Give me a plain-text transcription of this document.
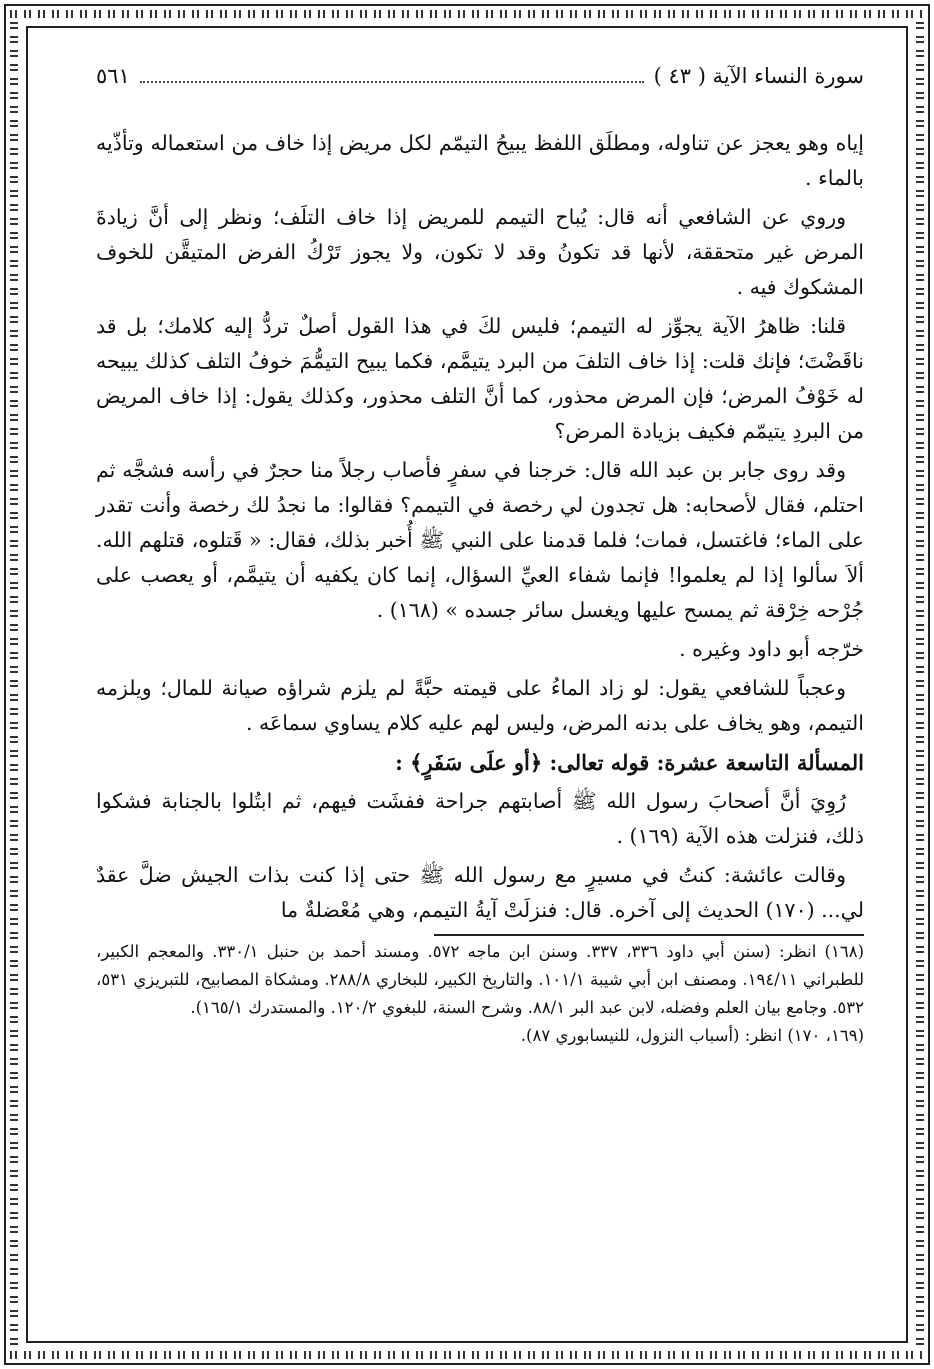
سورة النساء الآية ( ٤٣ )
٥٦١

إياه وهو يعجز عن تناوله، ومطلَق اللفظ يبيحُ التيمّم لكل مريض إذا خاف من استعماله وتأذّيه بالماء .

وروي عن الشافعي أنه قال: يُباح التيمم للمريض إذا خاف التلَف؛ ونظر إلى أنَّ زيادةَ المرض غير متحققة، لأنها قد تكونُ وقد لا تكون، ولا يجوز تَرْكُ الفرض المتيقَّن للخوف المشكوك فيه .

قلنا: ظاهرُ الآية يجوِّز له التيمم؛ فليس لكَ في هذا القول أصلٌ تردُّ إليه كلامك؛ بل قد ناقَضْتَ؛ فإنك قلت: إذا خاف التلفَ من البرد يتيمَّم، فكما يبيح التيمُّمَ خوفُ التلف كذلك يبيحه له خَوْفُ المرض؛ فإن المرض محذور، كما أنَّ التلف محذور، وكذلك يقول: إذا خاف المريض من البردِ يتيمّم فكيف بزيادة المرض؟

وقد روى جابر بن عبد الله قال: خرجنا في سفرٍ فأصاب رجلاً منا حجرٌ في رأسه فشجَّه ثم احتلم، فقال لأصحابه: هل تجدون لي رخصة في التيمم؟ فقالوا: ما نجدُ لك رخصة وأنت تقدر على الماء؛ فاغتسل، فمات؛ فلما قدمنا على النبي ﷺ أُخبر بذلك، فقال: « قَتلوه، قتلهم الله. ألاَ سألوا إذا لم يعلموا! فإنما شفاء العيِّ السؤال، إنما كان يكفيه أن يتيمَّم، أو يعصب على جُرْحه خِرْقة ثم يمسح عليها ويغسل سائر جسده » (١٦٨) .

خرّجه أبو داود وغيره .

وعجباً للشافعي يقول: لو زاد الماءُ على قيمته حبَّةً لم يلزم شراؤه صيانة للمال؛ ويلزمه التيمم، وهو يخاف على بدنه المرض، وليس لهم عليه كلام يساوي سماعَه .

المسألة التاسعة عشرة: قوله تعالى: ﴿أو علَى سَفَرٍ﴾ :

رُوِيَ أنَّ أصحابَ رسول الله ﷺ أصابتهم جراحة ففشَت فيهم، ثم ابتُلوا بالجنابة فشكوا ذلك، فنزلت هذه الآية (١٦٩) .

وقالت عائشة: كنتُ في مسيرٍ مع رسول الله ﷺ حتى إذا كنت بذات الجيش ضلَّ عقدٌ لي... (١٧٠) الحديث إلى آخره. قال: فنزلَتْ آيةُ التيمم، وهي مُعْضلةٌ ما

(١٦٨) انظر: (سنن أبي داود ٣٣٦، ٣٣٧. وسنن ابن ماجه ٥٧٢. ومسند أحمد بن حنبل ٣٣٠/١. والمعجم الكبير، للطبراني ١٩٤/١١. ومصنف ابن أبي شيبة ١٠١/١. والتاريخ الكبير، للبخاري ٢٨٨/٨. ومشكاة المصابيح، للتبريزي ٥٣١، ٥٣٢. وجامع بيان العلم وفضله، لابن عبد البر ٨٨/١. وشرح السنة، للبغوي ١٢٠/٢. والمستدرك ١٦٥/١).

(١٦٩، ١٧٠) انظر: (أسباب النزول، للنيسابوري ٨٧).
